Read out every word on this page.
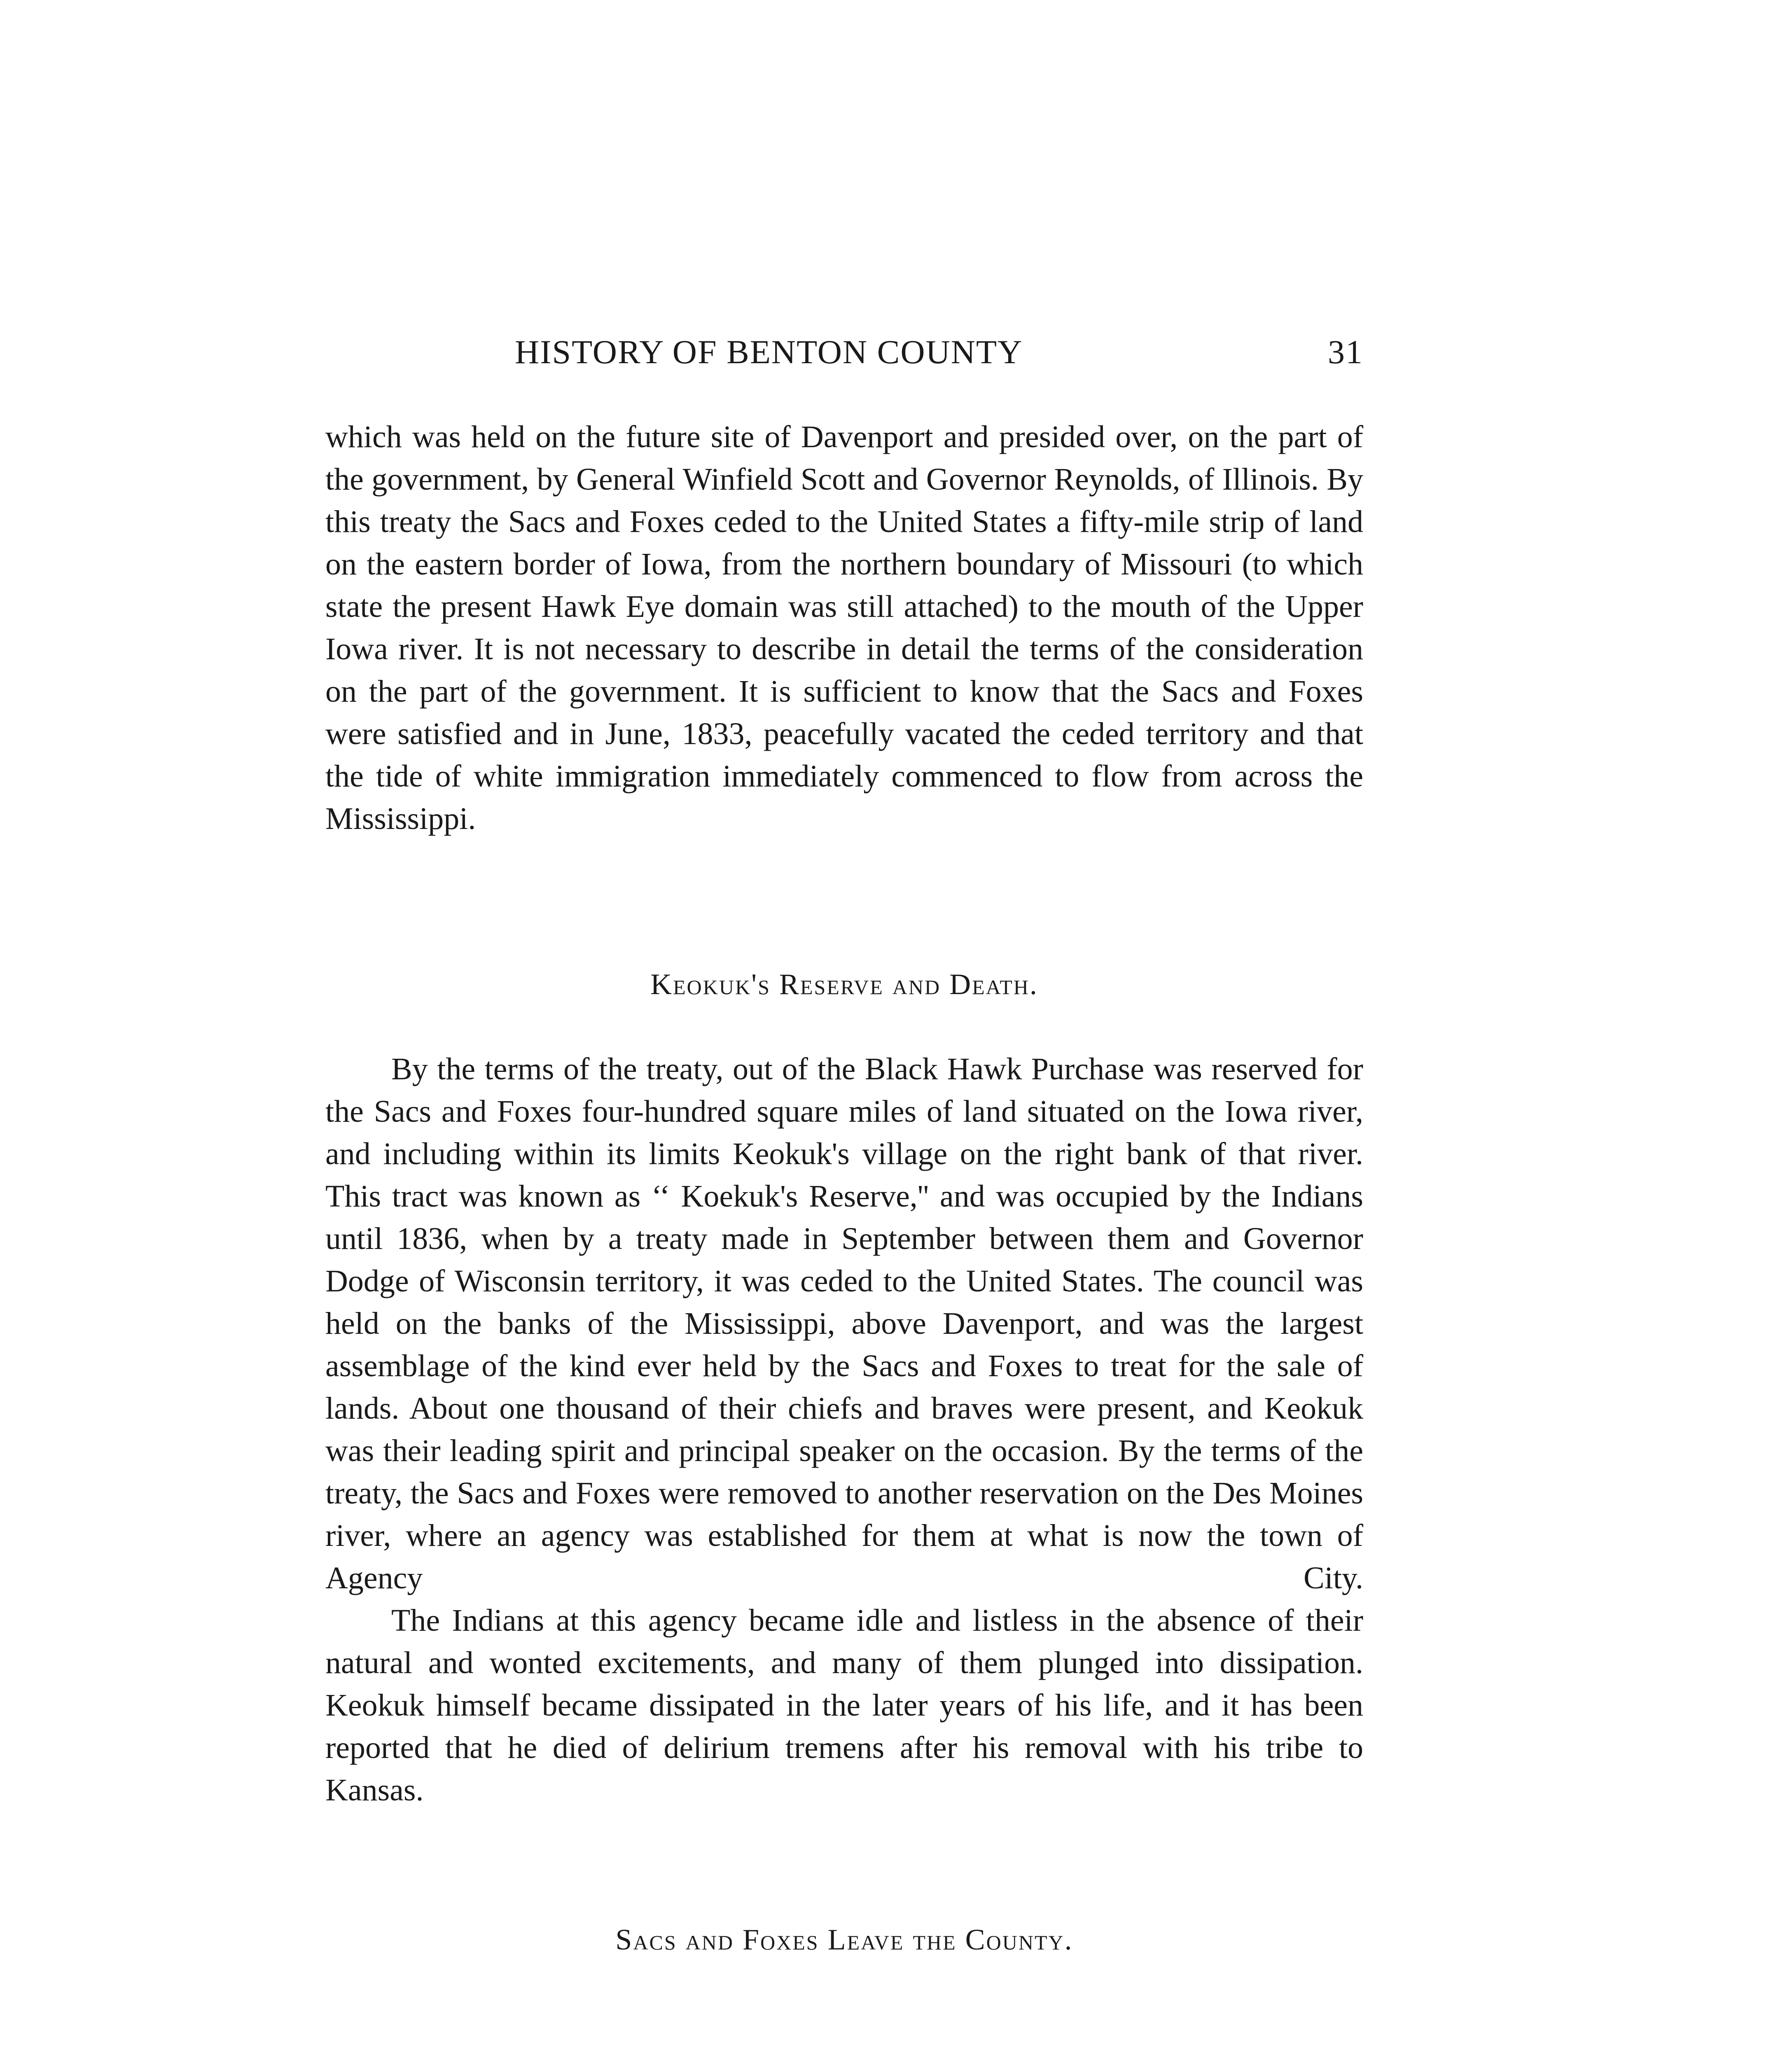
HISTORY OF BENTON COUNTY	31

which was held on the future site of Davenport and presided over, on the part of the government, by General Winfield Scott and Governor Reynolds, of Illinois. By this treaty the Sacs and Foxes ceded to the United States a fifty-mile strip of land on the eastern border of Iowa, from the northern boundary of Missouri (to which state the present Hawk Eye domain was still attached) to the mouth of the Upper Iowa river. It is not necessary to describe in detail the terms of the consideration on the part of the government. It is sufficient to know that the Sacs and Foxes were satisfied and in June, 1833, peacefully vacated the ceded territory and that the tide of white immigration immediately commenced to flow from across the Mississippi.

Keokuk's Reserve and Death.

By the terms of the treaty, out of the Black Hawk Purchase was reserved for the Sacs and Foxes four-hundred square miles of land situated on the Iowa river, and including within its limits Keokuk's village on the right bank of that river. This tract was known as ‘‘ Koekuk's Reserve,'' and was occupied by the Indians until 1836, when by a treaty made in September between them and Governor Dodge of Wisconsin territory, it was ceded to the United States. The council was held on the banks of the Mississippi, above Davenport, and was the largest assemblage of the kind ever held by the Sacs and Foxes to treat for the sale of lands. About one thousand of their chiefs and braves were present, and Keokuk was their leading spirit and principal speaker on the occasion. By the terms of the treaty, the Sacs and Foxes were removed to another reservation on the Des Moines river, where an agency was established for them at what is now the town of Agency City.

The Indians at this agency became idle and listless in the absence of their natural and wonted excitements, and many of them plunged into dissipation. Keokuk himself became dissipated in the later years of his life, and it has been reported that he died of delirium tremens after his removal with his tribe to Kansas.

Sacs and Foxes Leave the County.
